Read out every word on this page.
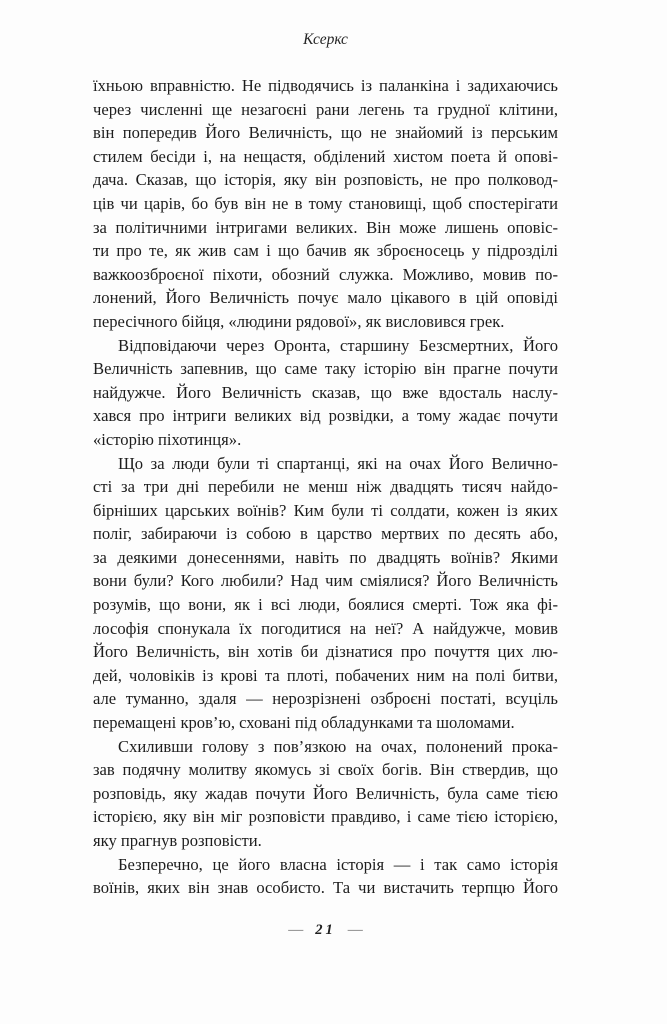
Ксеркс
їхньою вправністю. Не підводячись із паланкіна і задихаючись
через численні ще незагоєні рани легень та грудної клітини,
він попередив Його Величність, що не знайомий із перським
стилем бесіди і, на нещастя, обділений хистом поета й опові-
дача. Сказав, що історія, яку він розповість, не про полковод-
ців чи царів, бо був він не в тому становищі, щоб спостерігати
за політичними інтригами великих. Він може лишень оповіс-
ти про те, як жив сам і що бачив як зброєносець у підрозділі
важкоозброєної піхоти, обозний служка. Можливо, мовив по-
лонений, Його Величність почує мало цікавого в цій оповіді
пересічного бійця, «людини рядової», як висловився грек.
Відповідаючи через Оронта, старшину Безсмертних, Його
Величність запевнив, що саме таку історію він прагне почути
найдужче. Його Величність сказав, що вже вдосталь наслу-
хався про інтриги великих від розвідки, а тому жадає почути
«історію піхотинця».
Що за люди були ті спартанці, які на очах Його Велично-
сті за три дні перебили не менш ніж двадцять тисяч найдо-
бірніших царських воїнів? Ким були ті солдати, кожен із яких
поліг, забираючи із собою в царство мертвих по десять або,
за деякими донесеннями, навіть по двадцять воїнів? Якими
вони були? Кого любили? Над чим сміялися? Його Величність
розумів, що вони, як і всі люди, боялися смерті. Тож яка фі-
лософія спонукала їх погодитися на неї? А найдужче, мовив
Його Величність, він хотів би дізнатися про почуття цих лю-
дей, чоловіків із крові та плоті, побачених ним на полі битви,
але туманно, здаля — нерозрізнені озброєні постаті, всуціль
перемащені кров’ю, сховані під обладунками та шоломами.
Схиливши голову з пов’язкою на очах, полонений прока-
зав подячну молитву якомусь зі своїх богів. Він ствердив, що
розповідь, яку жадав почути Його Величність, була саме тією
історією, яку він міг розповісти правдиво, і саме тією історією,
яку прагнув розповісти.
Безперечно, це його власна історія — і так само історія
воїнів, яких він знав особисто. Та чи вистачить терпцю Його
— 21 —
